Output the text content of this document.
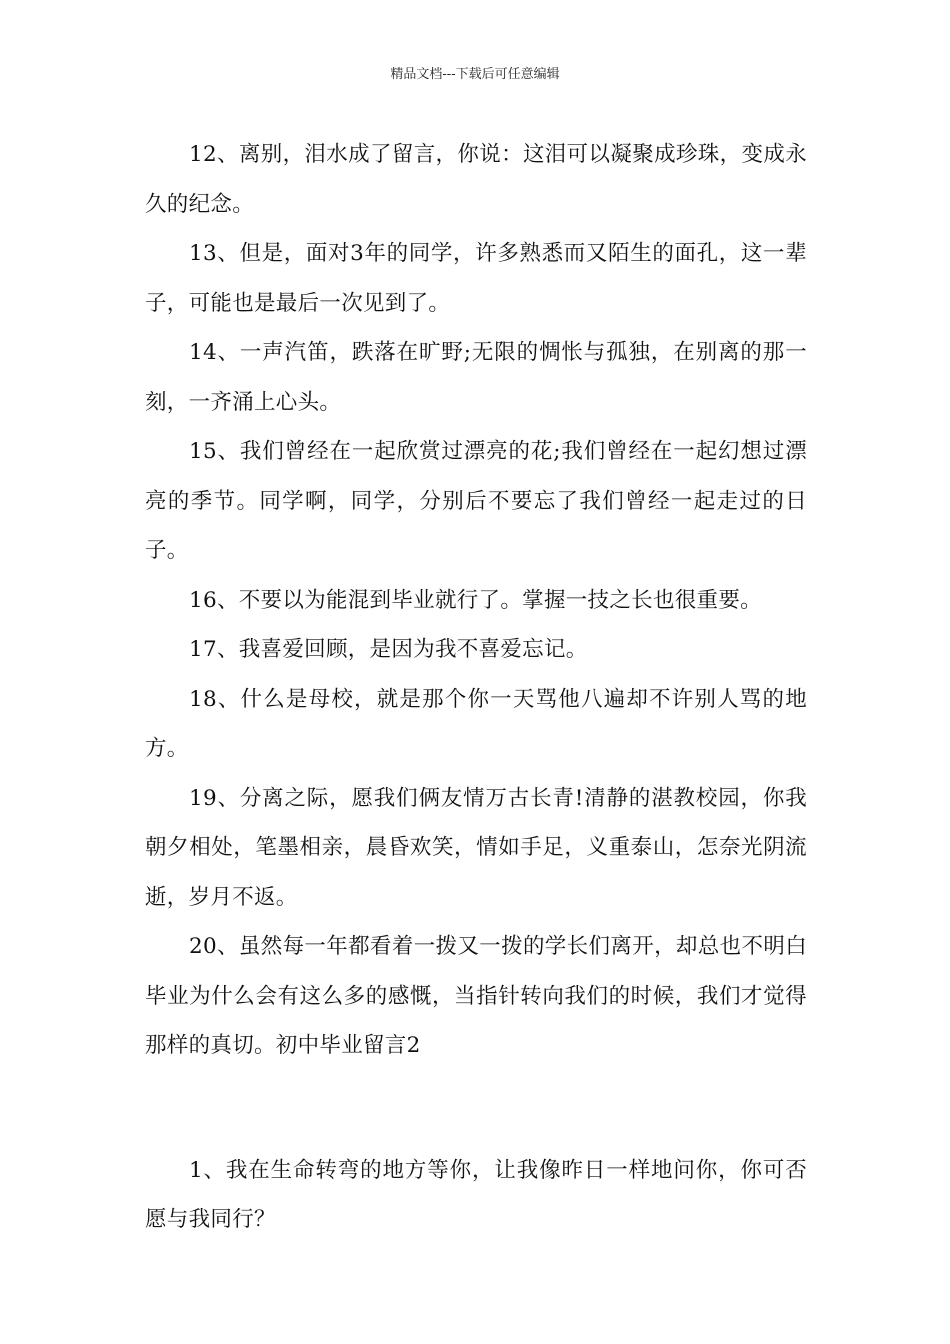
精品文档---下载后可任意编辑

12、离别，泪水成了留言，你说：这泪可以凝聚成珍珠，变成永久的纪念。

13、但是，面对3年的同学，许多熟悉而又陌生的面孔，这一辈子，可能也是最后一次见到了。

14、一声汽笛，跌落在旷野;无限的惆怅与孤独，在别离的那一刻，一齐涌上心头。

15、我们曾经在一起欣赏过漂亮的花;我们曾经在一起幻想过漂亮的季节。同学啊，同学，分别后不要忘了我们曾经一起走过的日子。

16、不要以为能混到毕业就行了。掌握一技之长也很重要。

17、我喜爱回顾，是因为我不喜爱忘记。

18、什么是母校，就是那个你一天骂他八遍却不许别人骂的地方。

19、分离之际，愿我们俩友情万古长青!清静的湛教校园，你我朝夕相处，笔墨相亲，晨昏欢笑，情如手足，义重泰山，怎奈光阴流逝，岁月不返。

20、虽然每一年都看着一拨又一拨的学长们离开，却总也不明白毕业为什么会有这么多的感慨，当指针转向我们的时候，我们才觉得那样的真切。初中毕业留言2

1、我在生命转弯的地方等你，让我像昨日一样地问你，你可否愿与我同行？
